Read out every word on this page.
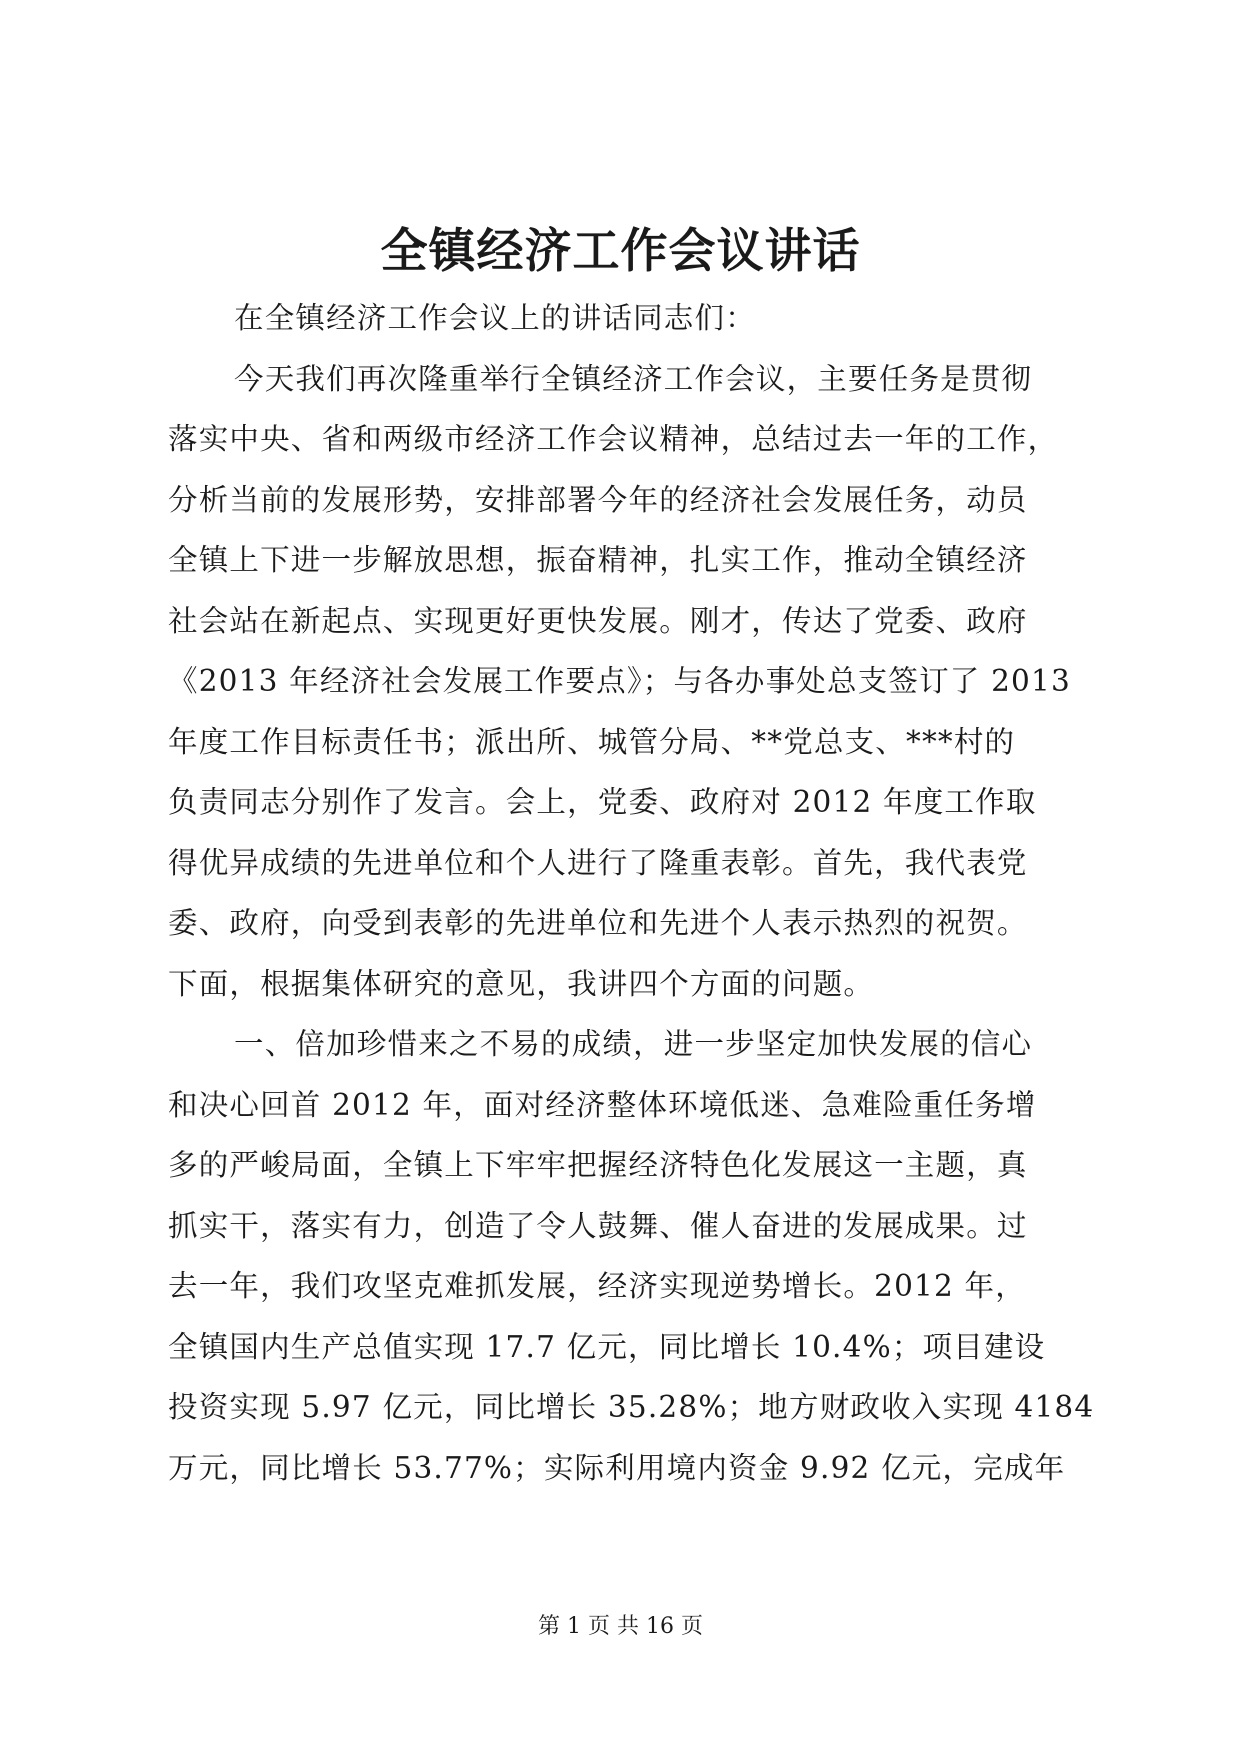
全镇经济工作会议讲话
在全镇经济工作会议上的讲话同志们：
今天我们再次隆重举行全镇经济工作会议，主要任务是贯彻
落实中央、省和两级市经济工作会议精神，总结过去一年的工作，
分析当前的发展形势，安排部署今年的经济社会发展任务，动员
全镇上下进一步解放思想，振奋精神，扎实工作，推动全镇经济
社会站在新起点、实现更好更快发展。刚才，传达了党委、政府
《2013 年经济社会发展工作要点》；与各办事处总支签订了 2013
年度工作目标责任书；派出所、城管分局、**党总支、***村的
负责同志分别作了发言。会上，党委、政府对 2012 年度工作取
得优异成绩的先进单位和个人进行了隆重表彰。首先，我代表党
委、政府，向受到表彰的先进单位和先进个人表示热烈的祝贺。
下面，根据集体研究的意见，我讲四个方面的问题。
一、倍加珍惜来之不易的成绩，进一步坚定加快发展的信心
和决心回首 2012 年，面对经济整体环境低迷、急难险重任务增
多的严峻局面，全镇上下牢牢把握经济特色化发展这一主题，真
抓实干，落实有力，创造了令人鼓舞、催人奋进的发展成果。过
去一年，我们攻坚克难抓发展，经济实现逆势增长。2012 年，
全镇国内生产总值实现 17.7 亿元，同比增长 10.4%；项目建设
投资实现 5.97 亿元，同比增长 35.28%；地方财政收入实现 4184
万元，同比增长 53.77%；实际利用境内资金 9.92 亿元，完成年
第 1 页 共 16 页
